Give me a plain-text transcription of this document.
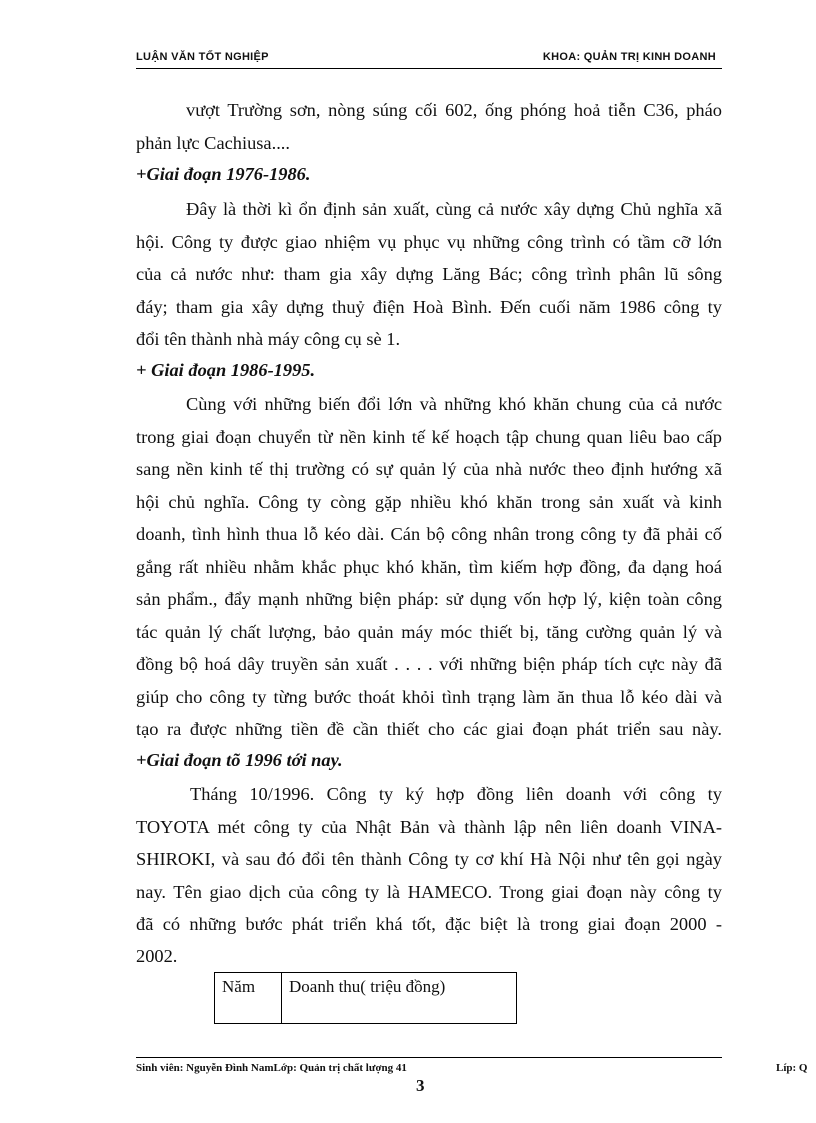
LUẬN VĂN TỐT NGHIỆP	KHOA: QUẢN TRỊ KINH DOANH
vượt Trường sơn, nòng súng cối 602, ống phóng hoả tiễn C36, pháo
phản lực Cachiusa....
+Giai đoạn 1976-1986.
Đây là thời kì ổn định sản xuất, cùng cả nước xây dựng Chủ nghĩa xã
hội. Công ty được giao nhiệm vụ phục vụ những công trình có tầm cỡ lớn
của cả nước như: tham gia xây dựng Lăng Bác; công trình phân lũ sông
đáy; tham gia xây dựng thuỷ điện Hoà Bình. Đến cuối năm 1986 công ty
đổi tên thành nhà máy công cụ sè 1.
+ Giai đoạn 1986-1995.
Cùng với những biến đổi lớn và những khó khăn chung của cả nước
trong giai đoạn chuyển từ nền kinh tế kế hoạch tập chung quan liêu bao cấp
sang nền kinh tế thị trường có sự quản lý của nhà nước theo định hướng xã
hội chủ nghĩa. Công ty còng gặp nhiều khó khăn trong sản xuất và kinh
doanh, tình hình thua lỗ kéo dài. Cán bộ công nhân trong công ty đã phải cố
gắng rất nhiều nhằm khắc phục khó khăn, tìm kiếm hợp đồng, đa dạng hoá
sản phẩm., đẩy mạnh những biện pháp: sử dụng vốn hợp lý, kiện toàn công
tác quản lý chất lượng, bảo quản máy móc thiết bị, tăng cường quản lý và
đồng bộ hoá dây truyền sản xuất . . . . với những biện pháp tích cực này đã
giúp cho công ty từng bước thoát khỏi tình trạng làm ăn thua lỗ kéo dài và
tạo ra được những tiền đề cần thiết cho các giai đoạn phát triển sau này.
+Giai đoạn tõ 1996 tới nay.
Tháng 10/1996. Công ty ký hợp đồng liên doanh với công ty
TOYOTA mét công ty của Nhật Bản và thành lập nên liên doanh VINA-
SHIROKI, và sau đó đổi tên thành Công ty cơ khí Hà Nội như tên gọi ngày
nay. Tên giao dịch của công ty là HAMECO. Trong giai đoạn này công ty
đã có những bước phát triển khá tốt, đặc biệt là trong giai đoạn 2000 -
2002.
Năm Doanh thu( triệu đồng)
Sinh viên: Nguyễn Đình NamLớp: Quản trị chất lượng 41	Líp: Q
3
